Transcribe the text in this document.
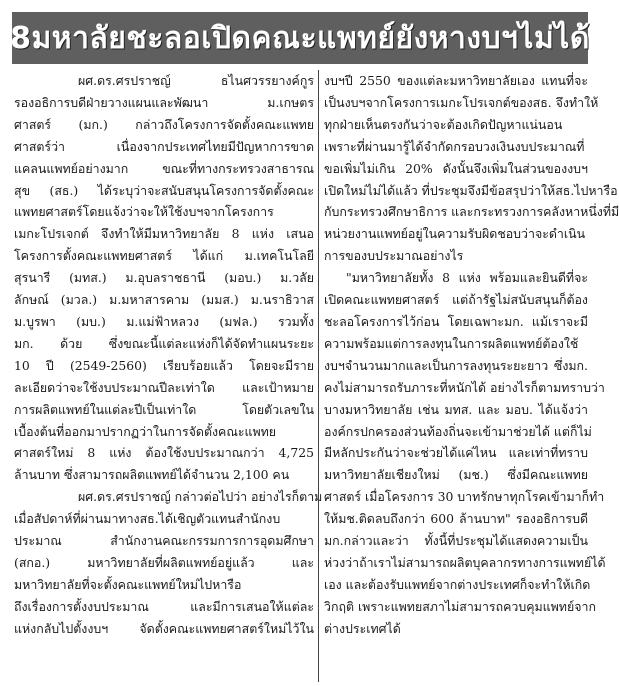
8มหาลัยชะลอเปิดคณะแพทย์ยังหางบฯไม่ได้
ผศ.ดร.ศรปราชญ์ ธไนศวรรยางค์กูร
รองอธิการบดีฝ่ายวางแผนและพัฒนา ม.เกษตร
ศาสตร์ (มก.) กล่าวถึงโครงการจัดตั้งคณะแพทย
ศาสตร์ว่า เนื่องจากประเทศไทยมีปัญหาการขาด
แคลนแพทย์อย่างมาก ขณะที่ทางกระทรวงสาธารณ
สุข (สธ.) ได้ระบุว่าจะสนับสนุนโครงการจัดตั้งคณะ
แพทยศาสตร์โดยแจ้งว่าจะให้ใช้งบฯจากโครงการ
เมกะโปรเจกต์ จึงทำให้มีมหาวิทยาลัย 8 แห่ง เสนอ
โครงการตั้งคณะแพทยศาสตร์ ได้แก่ ม.เทคโนโลยี
สุรนารี (มทส.) ม.อุบลราชธานี (มอบ.) ม.วลัย
ลักษณ์ (มวล.) ม.มหาสารคาม (มมส.) ม.นราธิวาส
ม.บูรพา (มบ.) ม.แม่ฟ้าหลวง (มฟล.) รวมทั้ง
มก. ด้วย ซึ่งขณะนี้แต่ละแห่งก็ได้จัดทำแผนระยะ
10 ปี (2549-2560) เรียบร้อยแล้ว โดยจะมีราย
ละเอียดว่าจะใช้งบประมาณปีละเท่าใด และเป้าหมาย
การผลิตแพทย์ในแต่ละปีเป็นเท่าใด โดยตัวเลขใน
เบื้องต้นที่ออกมาปรากฏว่าในการจัดตั้งคณะแพทย
ศาสตร์ใหม่ 8 แห่ง ต้องใช้งบประมาณกว่า 4,725
ล้านบาท ซึ่งสามารถผลิตแพทย์ได้จำนวน 2,100 คน
ผศ.ดร.ศรปราชญ์ กล่าวต่อไปว่า อย่างไรก็ตาม
เมื่อสัปดาห์ที่ผ่านมาทางสธ.ได้เชิญตัวแทนสำนักงบ
ประมาณ สำนักงานคณะกรรมการการอุดมศึกษา
(สกอ.) มหาวิทยาลัยที่ผลิตแพทย์อยู่แล้ว และ
มหาวิทยาลัยที่จะตั้งคณะแพทย์ใหม่ไปหารือ
ถึงเรื่องการตั้งงบประมาณ และมีการเสนอให้แต่ละ
แห่งกลับไปตั้งงบฯ จัดตั้งคณะแพทยศาสตร์ใหม่ไว้ใน
งบฯปี 2550 ของแต่ละมหาวิทยาลัยเอง แทนที่จะ
เป็นงบฯจากโครงการเมกะโปรเจกต์ของสธ. จึงทำให้
ทุกฝ่ายเห็นตรงกันว่าจะต้องเกิดปัญหาแน่นอน
เพราะที่ผ่านมารู้ได้จำกัดกรอบวงเงินงบประมาณที่
ขอเพิ่มไม่เกิน 20% ดังนั้นจึงเพิ่มในส่วนของงบฯ
เปิดใหม่ไม่ได้แล้ว ที่ประชุมจึงมีข้อสรุปว่าให้สธ.ไปหารือ
กับกระทรวงศึกษาธิการ และกระทรวงการคลังหาหนึ่งที่มี
หน่วยงานแพทย์อยู่ในความรับผิดชอบว่าจะดำเนิน
การของบประมาณอย่างไร
"มหาวิทยาลัยทั้ง 8 แห่ง พร้อมและยินดีที่จะ
เปิดคณะแพทยศาสตร์ แต่ถ้ารัฐไม่สนับสนุนก็ต้อง
ชะลอโครงการไว้ก่อน โดยเฉพาะมก. แม้เราจะมี
ความพร้อมแต่การลงทุนในการผลิตแพทย์ต้องใช้
งบฯจำนวนมากและเป็นการลงทุนระยะยาว ซึ่งมก.
คงไม่สามารถรับภาระที่หนักได้ อย่างไรก็ตามทราบว่า
บางมหาวิทยาลัย เช่น มทส. และ มอบ. ได้แจ้งว่า
องค์กรปกครองส่วนท้องถิ่นจะเข้ามาช่วยได้ แต่ก็ไม่
มีหลักประกันว่าจะช่วยได้แค่ไหน และเท่าที่ทราบ
มหาวิทยาลัยเชียงใหม่ (มช.) ซึ่งมีคณะแพทย
ศาสตร์ เมื่อโครงการ 30 บาทรักษาทุกโรคเข้ามาก็ทำ
ให้มช.ติดลบถึงกว่า 600 ล้านบาท" รองอธิการบดี
มก.กล่าวและว่า ทั้งนี้ที่ประชุมได้แสดงความเป็น
ห่วงว่าถ้าเราไม่สามารถผลิตบุคลากรทางการแพทย์ได้
เอง และต้องรับแพทย์จากต่างประเทศก็จะทำให้เกิด
วิกฤติ เพราะแพทยสภาไม่สามารถควบคุมแพทย์จาก
ต่างประเทศได้
